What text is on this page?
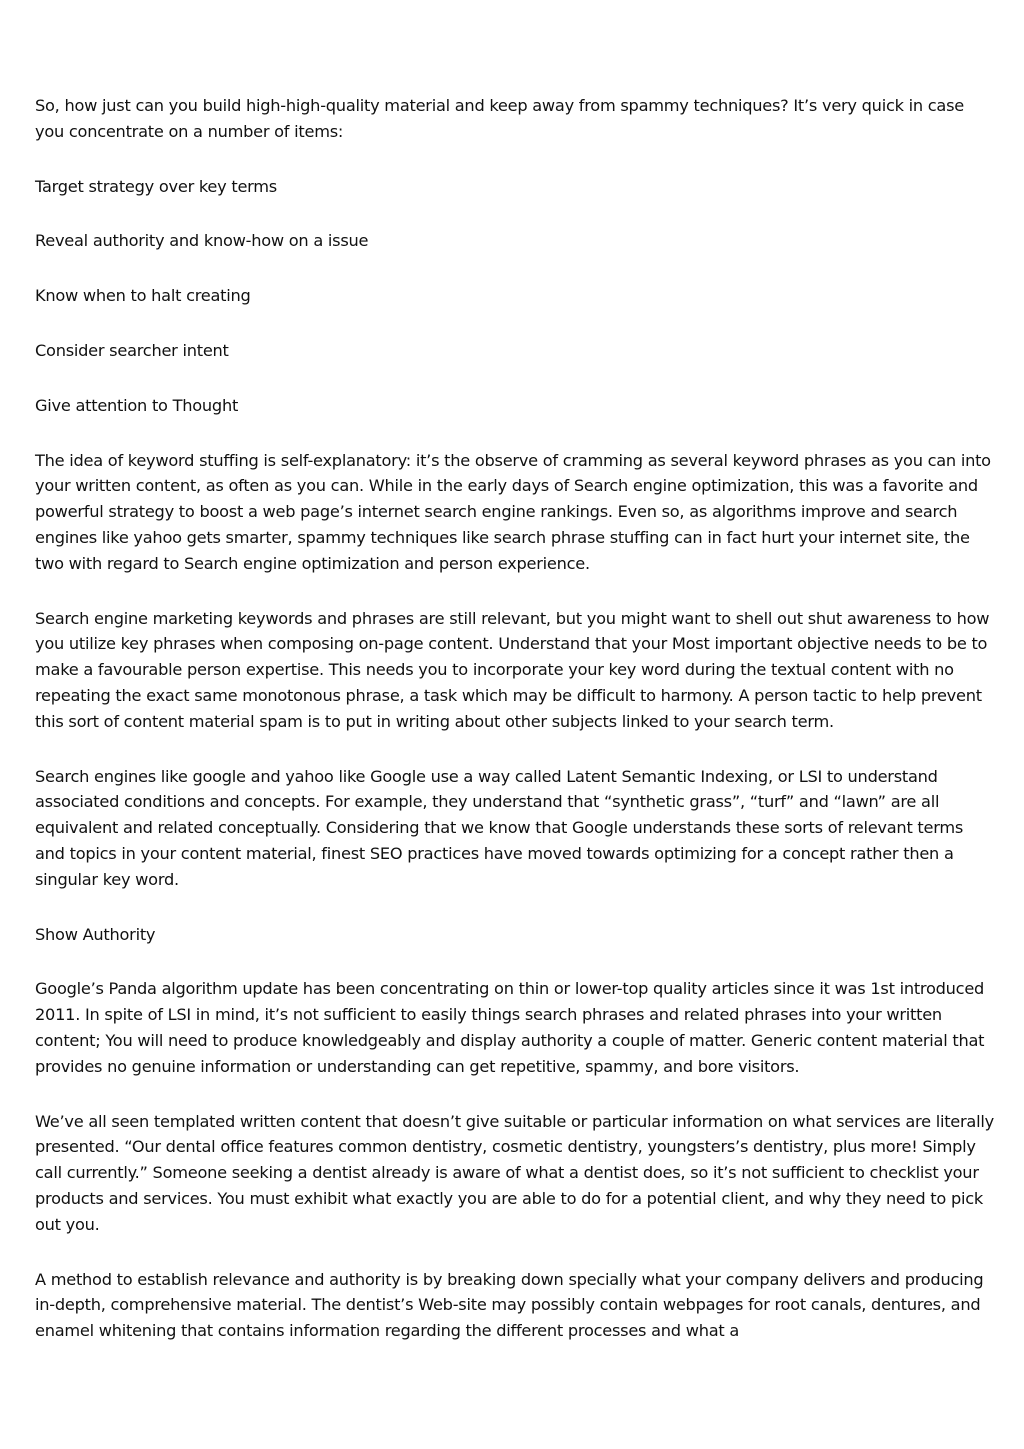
So, how just can you build high-high-quality material and keep away from spammy techniques? It’s very quick in case you concentrate on a number of items:

Target strategy over key terms

Reveal authority and know-how on a issue

Know when to halt creating

Consider searcher intent

Give attention to Thought

The idea of keyword stuffing is self-explanatory: it’s the observe of cramming as several keyword phrases as you can into your written content, as often as you can. While in the early days of Search engine optimization, this was a favorite and powerful strategy to boost a web page’s internet search engine rankings. Even so, as algorithms improve and search engines like yahoo gets smarter, spammy techniques like search phrase stuffing can in fact hurt your internet site, the two with regard to Search engine optimization and person experience.

Search engine marketing keywords and phrases are still relevant, but you might want to shell out shut awareness to how you utilize key phrases when composing on-page content. Understand that your Most important objective needs to be to make a favourable person expertise. This needs you to incorporate your key word during the textual content with no repeating the exact same monotonous phrase, a task which may be difficult to harmony. A person tactic to help prevent this sort of content material spam is to put in writing about other subjects linked to your search term.

Search engines like google and yahoo like Google use a way called Latent Semantic Indexing, or LSI to understand associated conditions and concepts. For example, they understand that “synthetic grass”, “turf” and “lawn” are all equivalent and related conceptually. Considering that we know that Google understands these sorts of relevant terms and topics in your content material, finest SEO practices have moved towards optimizing for a concept rather then a singular key word.

Show Authority

Google’s Panda algorithm update has been concentrating on thin or lower-top quality articles since it was 1st introduced 2011. In spite of LSI in mind, it’s not sufficient to easily things search phrases and related phrases into your written content; You will need to produce knowledgeably and display authority a couple of matter. Generic content material that provides no genuine information or understanding can get repetitive, spammy, and bore visitors.

We’ve all seen templated written content that doesn’t give suitable or particular information on what services are literally presented. “Our dental office features common dentistry, cosmetic dentistry, youngsters’s dentistry, plus more! Simply call currently.” Someone seeking a dentist already is aware of what a dentist does, so it’s not sufficient to checklist your products and services. You must exhibit what exactly you are able to do for a potential client, and why they need to pick out you.

A method to establish relevance and authority is by breaking down specially what your company delivers and producing in-depth, comprehensive material. The dentist’s Web-site may possibly contain webpages for root canals, dentures, and enamel whitening that contains information regarding the different processes and what a
